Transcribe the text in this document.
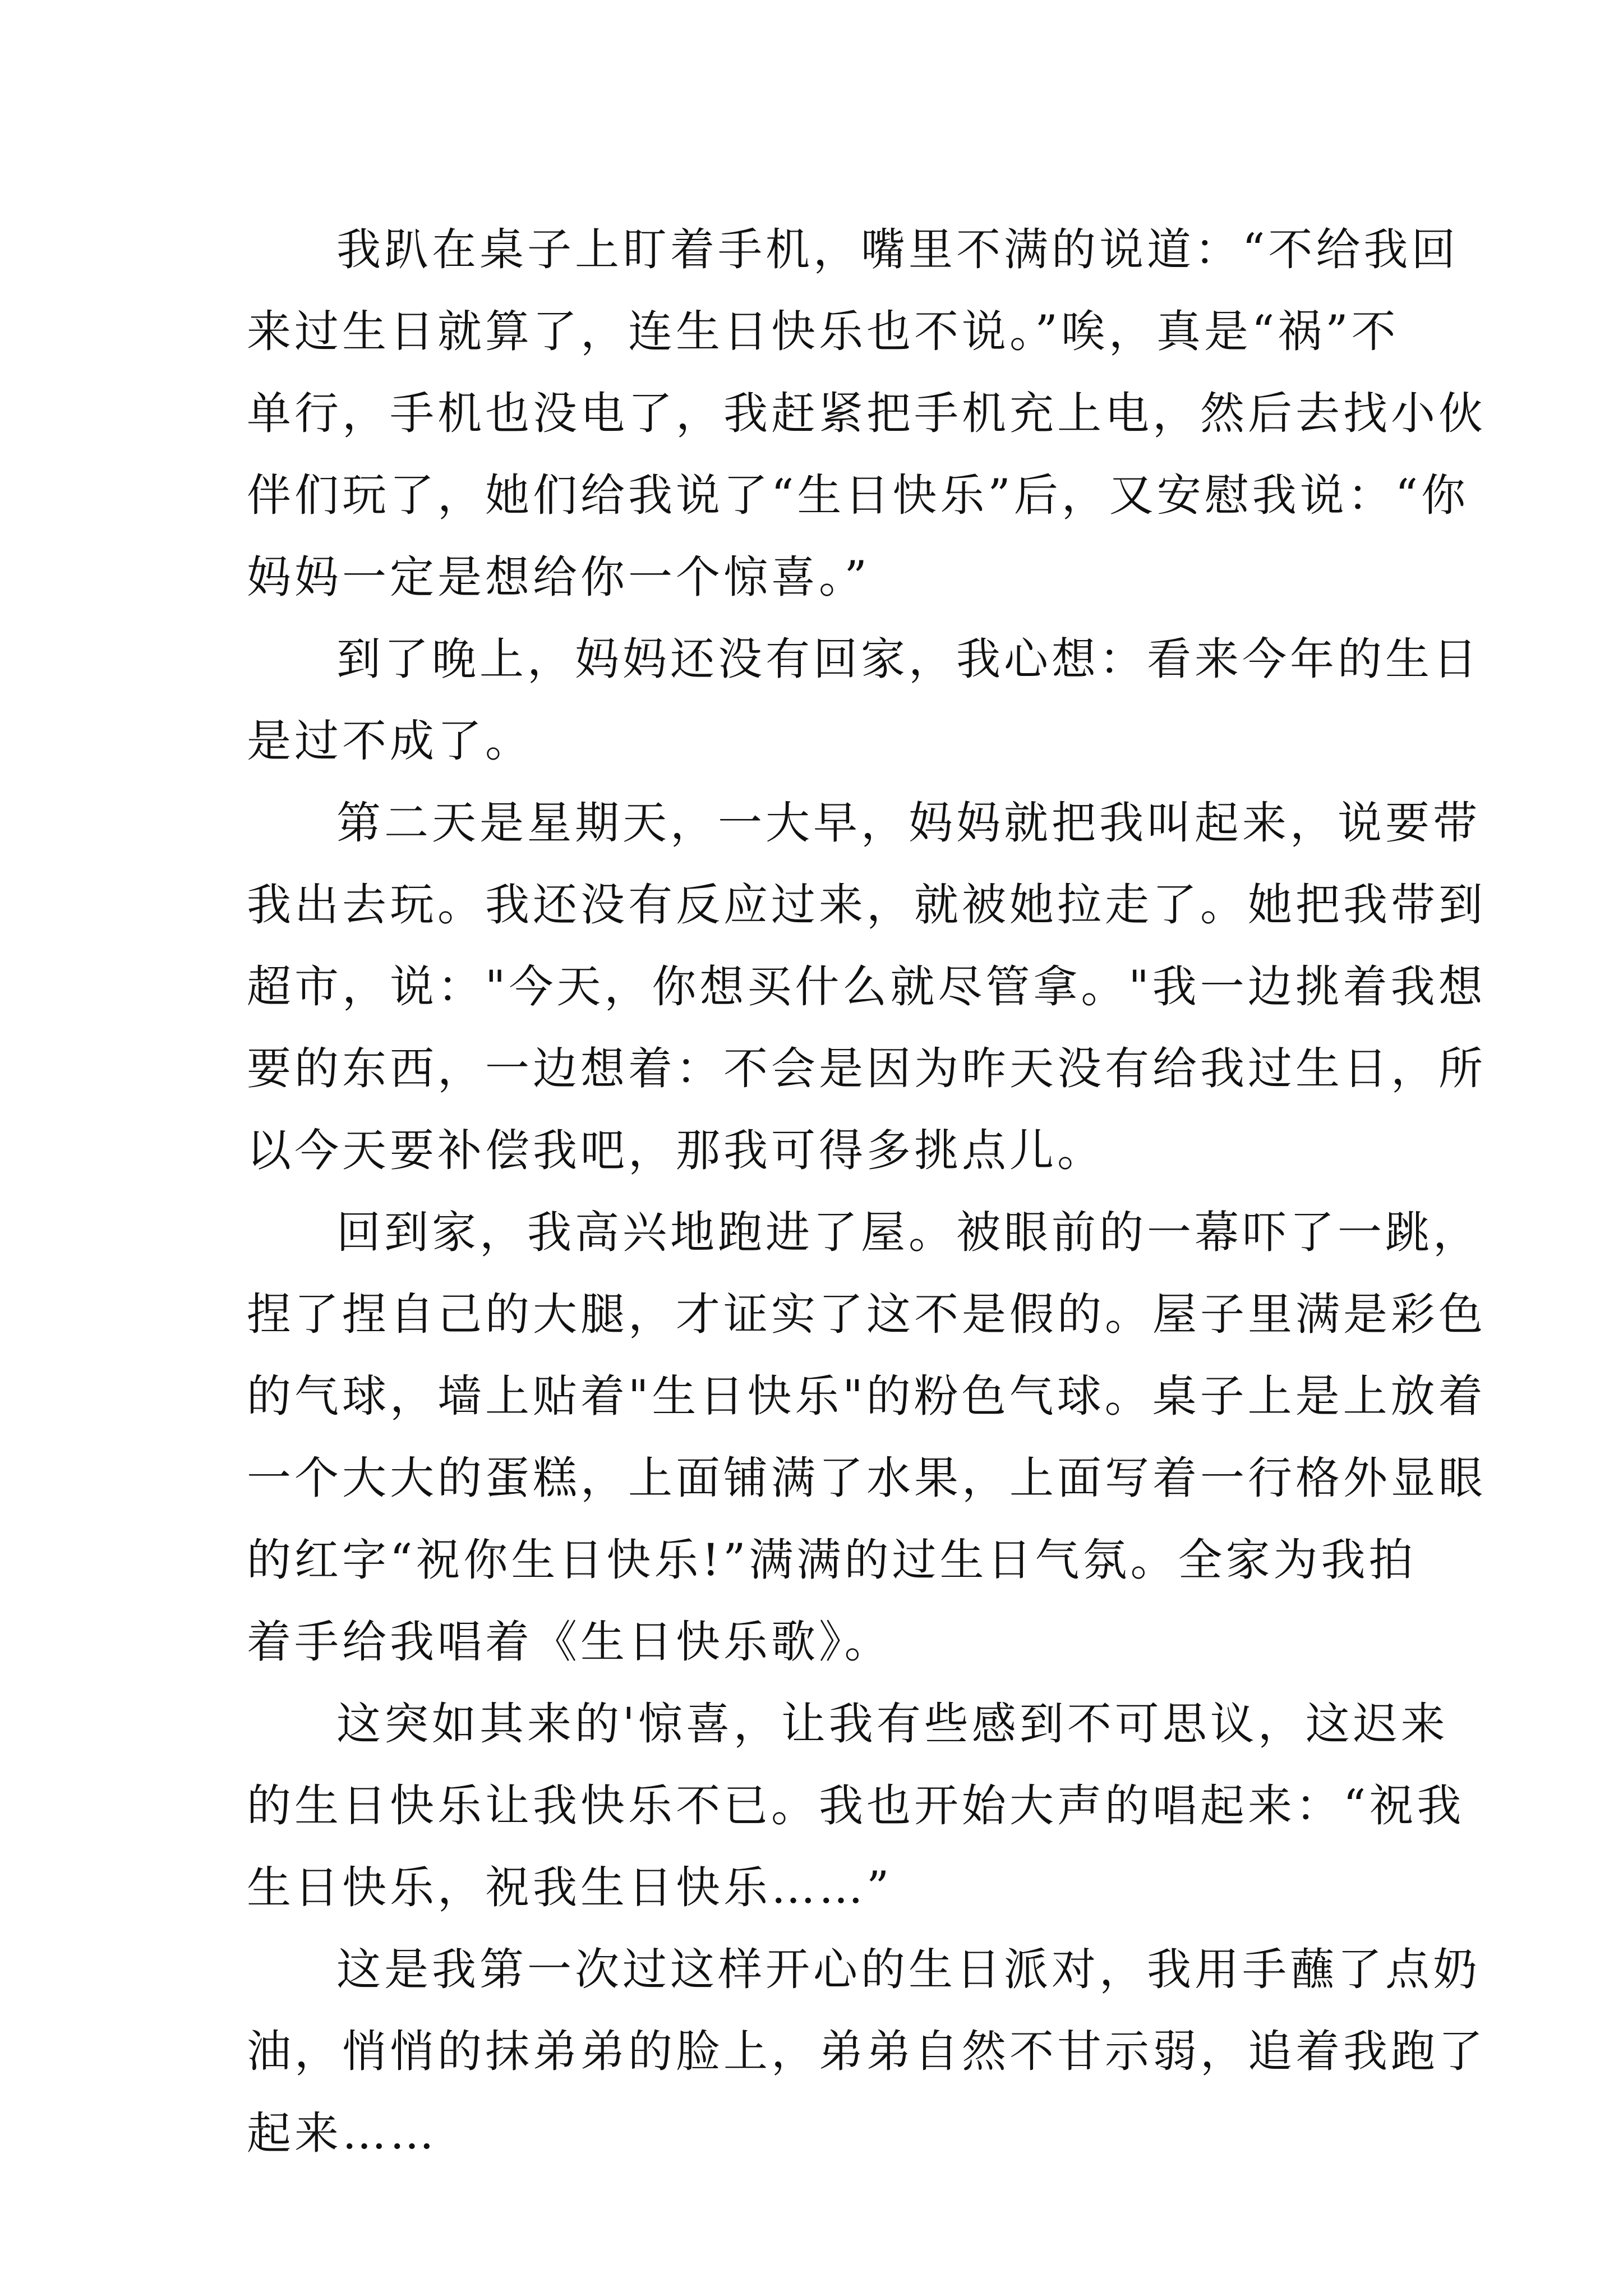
我趴在桌子上盯着手机，嘴里不满的说道：“不给我回
来过生日就算了，连生日快乐也不说。”唉，真是“祸”不
单行，手机也没电了，我赶紧把手机充上电，然后去找小伙
伴们玩了，她们给我说了“生日快乐”后，又安慰我说：“你
妈妈一定是想给你一个惊喜。”
到了晚上，妈妈还没有回家，我心想：看来今年的生日
是过不成了。
第二天是星期天，一大早，妈妈就把我叫起来，说要带
我出去玩。我还没有反应过来，就被她拉走了。她把我带到
超市，说："今天，你想买什么就尽管拿。"我一边挑着我想
要的东西，一边想着：不会是因为昨天没有给我过生日，所
以今天要补偿我吧，那我可得多挑点儿。
回到家，我高兴地跑进了屋。被眼前的一幕吓了一跳，
捏了捏自己的大腿，才证实了这不是假的。屋子里满是彩色
的气球，墙上贴着"生日快乐"的粉色气球。桌子上是上放着
一个大大的蛋糕，上面铺满了水果，上面写着一行格外显眼
的红字“祝你生日快乐!”满满的过生日气氛。全家为我拍
着手给我唱着《生日快乐歌》。
这突如其来的'惊喜，让我有些感到不可思议，这迟来
的生日快乐让我快乐不已。我也开始大声的唱起来：“祝我
生日快乐，祝我生日快乐……”
这是我第一次过这样开心的生日派对，我用手蘸了点奶
油，悄悄的抹弟弟的脸上，弟弟自然不甘示弱，追着我跑了
起来……
